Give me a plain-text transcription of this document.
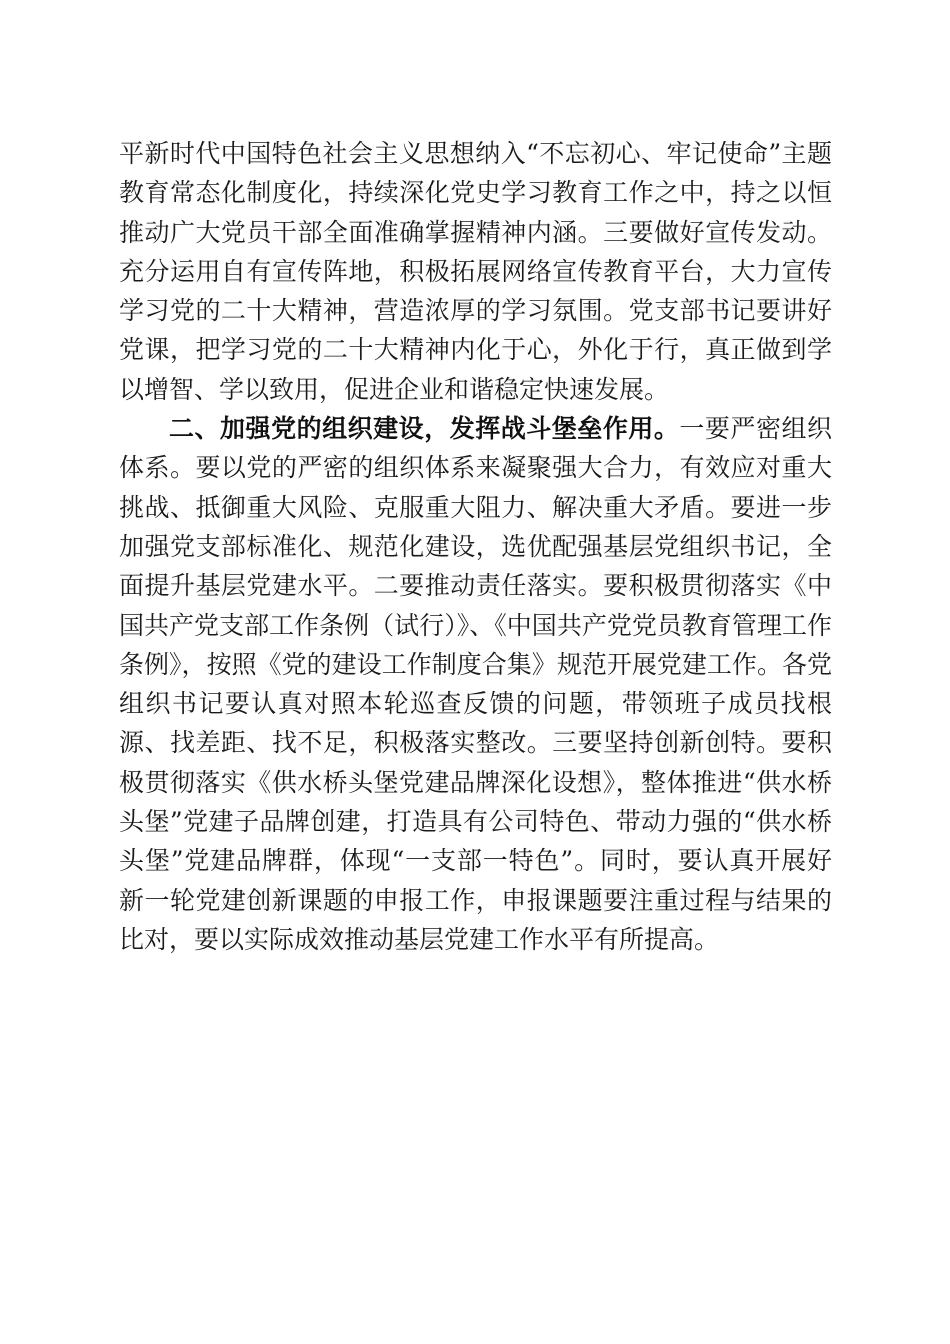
平新时代中国特色社会主义思想纳入“不忘初心、牢记使命”主题教育常态化制度化，持续深化党史学习教育工作之中，持之以恒推动广大党员干部全面准确掌握精神内涵。三要做好宣传发动。充分运用自有宣传阵地，积极拓展网络宣传教育平台，大力宣传学习党的二十大精神，营造浓厚的学习氛围。党支部书记要讲好党课，把学习党的二十大精神内化于心，外化于行，真正做到学以增智、学以致用，促进企业和谐稳定快速发展。

二、加强党的组织建设，发挥战斗堡垒作用。一要严密组织体系。要以党的严密的组织体系来凝聚强大合力，有效应对重大挑战、抵御重大风险、克服重大阻力、解决重大矛盾。要进一步加强党支部标准化、规范化建设，选优配强基层党组织书记，全面提升基层党建水平。二要推动责任落实。要积极贯彻落实《中国共产党支部工作条例（试行）》、《中国共产党党员教育管理工作条例》，按照《党的建设工作制度合集》规范开展党建工作。各党组织书记要认真对照本轮巡查反馈的问题，带领班子成员找根源、找差距、找不足，积极落实整改。三要坚持创新创特。要积极贯彻落实《供水桥头堡党建品牌深化设想》，整体推进“供水桥头堡”党建子品牌创建，打造具有公司特色、带动力强的“供水桥头堡”党建品牌群，体现“一支部一特色”。同时，要认真开展好新一轮党建创新课题的申报工作，申报课题要注重过程与结果的比对，要以实际成效推动基层党建工作水平有所提高。
